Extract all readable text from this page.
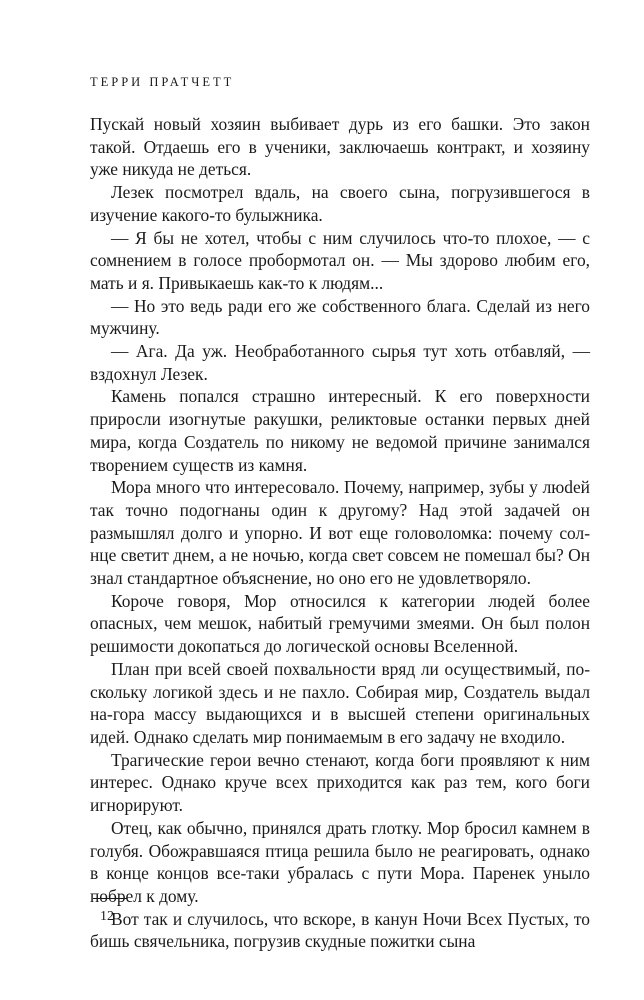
ТЕРРИ ПРАТЧЕТТ

Пускай новый хозяин выбивает дурь из его башки. Это закон такой. Отдаешь его в ученики, заключаешь контракт, и хозяину уже никуда не деться.

Лезек посмотрел вдаль, на своего сына, погрузившегося в изучение какого-то булыжника.

— Я бы не хотел, чтобы с ним случилось что-то плохое, — с сомнением в голосе пробормотал он. — Мы здорово любим его, мать и я. Привыкаешь как-то к людям...

— Но это ведь ради его же собственного блага. Сделай из него мужчину.

— Ага. Да уж. Необработанного сырья тут хоть отбавляй, — вздохнул Лезек.

Камень попался страшно интересный. К его поверхности приросли изогнутые ракушки, реликтовые останки первых дней мира, когда Создатель по никому не ведомой причине занимался творением существ из камня.

Мора много что интересовало. Почему, например, зубы у люdей так точно подогнаны один к другому? Над этой задачей он размышлял долго и упорно. И вот еще головоломка: почему солнце светит днем, а не ночью, когда свет совсем не помешал бы? Он знал стандартное объяснение, но оно его не удовлетворяло.

Короче говоря, Мор относился к категории людей более опасных, чем мешок, набитый гремучими змеями. Он был полон решимости докопаться до логической основы Вселенной.

План при всей своей похвальности вряд ли осуществимый, поскольку логикой здесь и не пахло. Собирая мир, Создатель выдал на-гора массу выдающихся и в высшей степени оригинальных идей. Однако сделать мир понимаемым в его задачу не входило.

Трагические герои вечно стенают, когда боги проявляют к ним интерес. Однако круче всех приходится как раз тем, кого боги игнорируют.

Отец, как обычно, принялся драть глотку. Мор бросил камнем в голубя. Обожравшаяся птица решила было не реагировать, однако в конце концов все-таки убралась с пути Мора. Паренек уныло побрел к дому.

Вот так и случилось, что вскоре, в канун Ночи Всех Пустых, то бишь свячельника, погрузив скудные пожитки сына

12
